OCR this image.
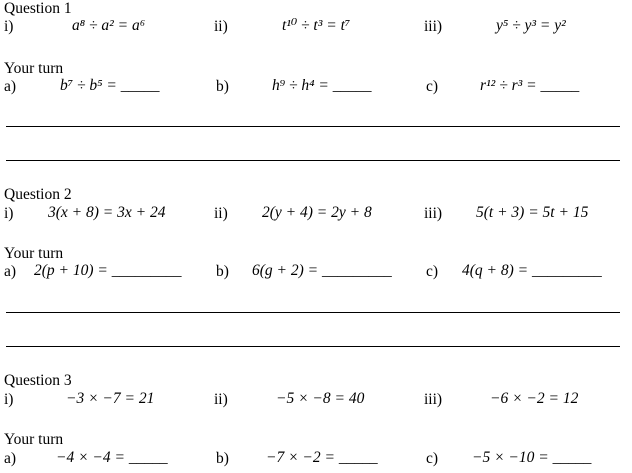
Question 1
i)	a⁸ ÷ a² = a⁶	ii)	t¹⁰ ÷ t³ = t⁷	iii)	y⁵ ÷ y³ = y²
Your turn
a)	b⁷ ÷ b⁵ = _____	b)	h⁹ ÷ h⁴ = _____	c)	r¹² ÷ r³ = _____
Question 2
i) 3(x + 8) = 3x + 24	ii) 2(y + 4) = 2y + 8	iii) 5(t + 3) = 5t + 15
Your turn
a) 2(p + 10) = _________ b) 6(g + 2) = _________ c) 4(q + 8) = _________
Question 3
i)	−3 × −7 = 21	ii)	−5 × −8 = 40	iii)	−6 × −2 = 12
Your turn
a)	−4 × −4 = _____	b) −7 × −2 = _____	c) −5 × −10 = _____
